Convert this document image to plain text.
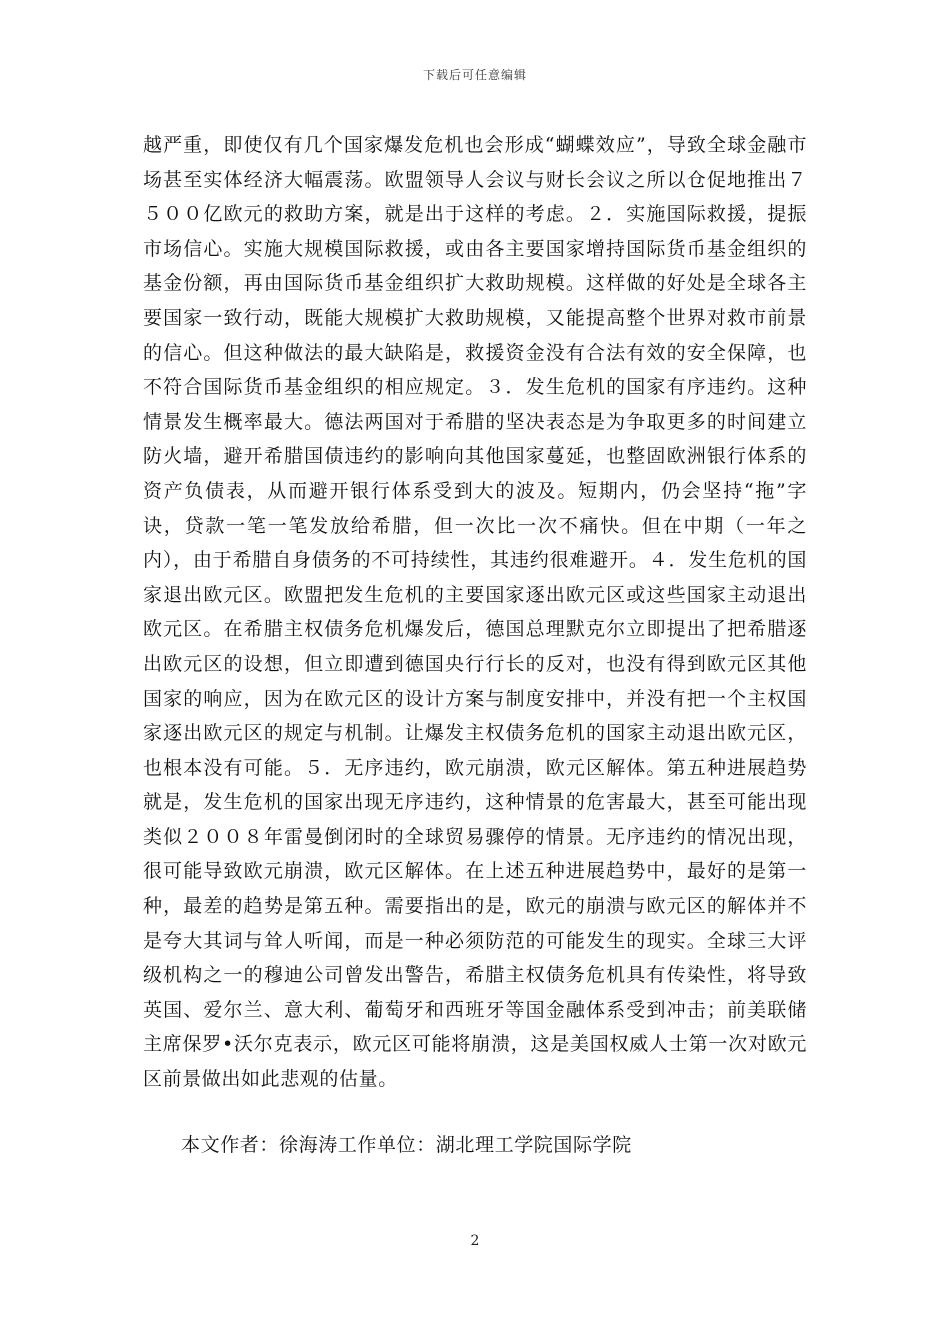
下载后可任意编辑
越严重，即使仅有几个国家爆发危机也会形成“蝴蝶效应”，导致全球金融市场甚至实体经济大幅震荡。欧盟领导人会议与财长会议之所以仓促地推出７５００亿欧元的救助方案，就是出于这样的考虑。２．实施国际救援，提振市场信心。实施大规模国际救援，或由各主要国家增持国际货币基金组织的基金份额，再由国际货币基金组织扩大救助规模。这样做的好处是全球各主要国家一致行动，既能大规模扩大救助规模，又能提高整个世界对救市前景的信心。但这种做法的最大缺陷是，救援资金没有合法有效的安全保障，也不符合国际货币基金组织的相应规定。３．发生危机的国家有序违约。这种情景发生概率最大。德法两国对于希腊的坚决表态是为争取更多的时间建立防火墙，避开希腊国债违约的影响向其他国家蔓延，也整固欧洲银行体系的资产负债表，从而避开银行体系受到大的波及。短期内，仍会坚持“拖”字诀，贷款一笔一笔发放给希腊，但一次比一次不痛快。但在中期（一年之内），由于希腊自身债务的不可持续性，其违约很难避开。４．发生危机的国家退出欧元区。欧盟把发生危机的主要国家逐出欧元区或这些国家主动退出欧元区。在希腊主权债务危机爆发后，德国总理默克尔立即提出了把希腊逐出欧元区的设想，但立即遭到德国央行行长的反对，也没有得到欧元区其他国家的响应，因为在欧元区的设计方案与制度安排中，并没有把一个主权国家逐出欧元区的规定与机制。让爆发主权债务危机的国家主动退出欧元区，也根本没有可能。５．无序违约，欧元崩溃，欧元区解体。第五种进展趋势就是，发生危机的国家出现无序违约，这种情景的危害最大，甚至可能出现类似２００８年雷曼倒闭时的全球贸易骤停的情景。无序违约的情况出现，很可能导致欧元崩溃，欧元区解体。在上述五种进展趋势中，最好的是第一种，最差的趋势是第五种。需要指出的是，欧元的崩溃与欧元区的解体并不是夸大其词与耸人听闻，而是一种必须防范的可能发生的现实。全球三大评级机构之一的穆迪公司曾发出警告，希腊主权债务危机具有传染性，将导致英国、爱尔兰、意大利、葡萄牙和西班牙等国金融体系受到冲击；前美联储主席保罗•沃尔克表示，欧元区可能将崩溃，这是美国权威人士第一次对欧元区前景做出如此悲观的估量。
本文作者：徐海涛工作单位：湖北理工学院国际学院
2
